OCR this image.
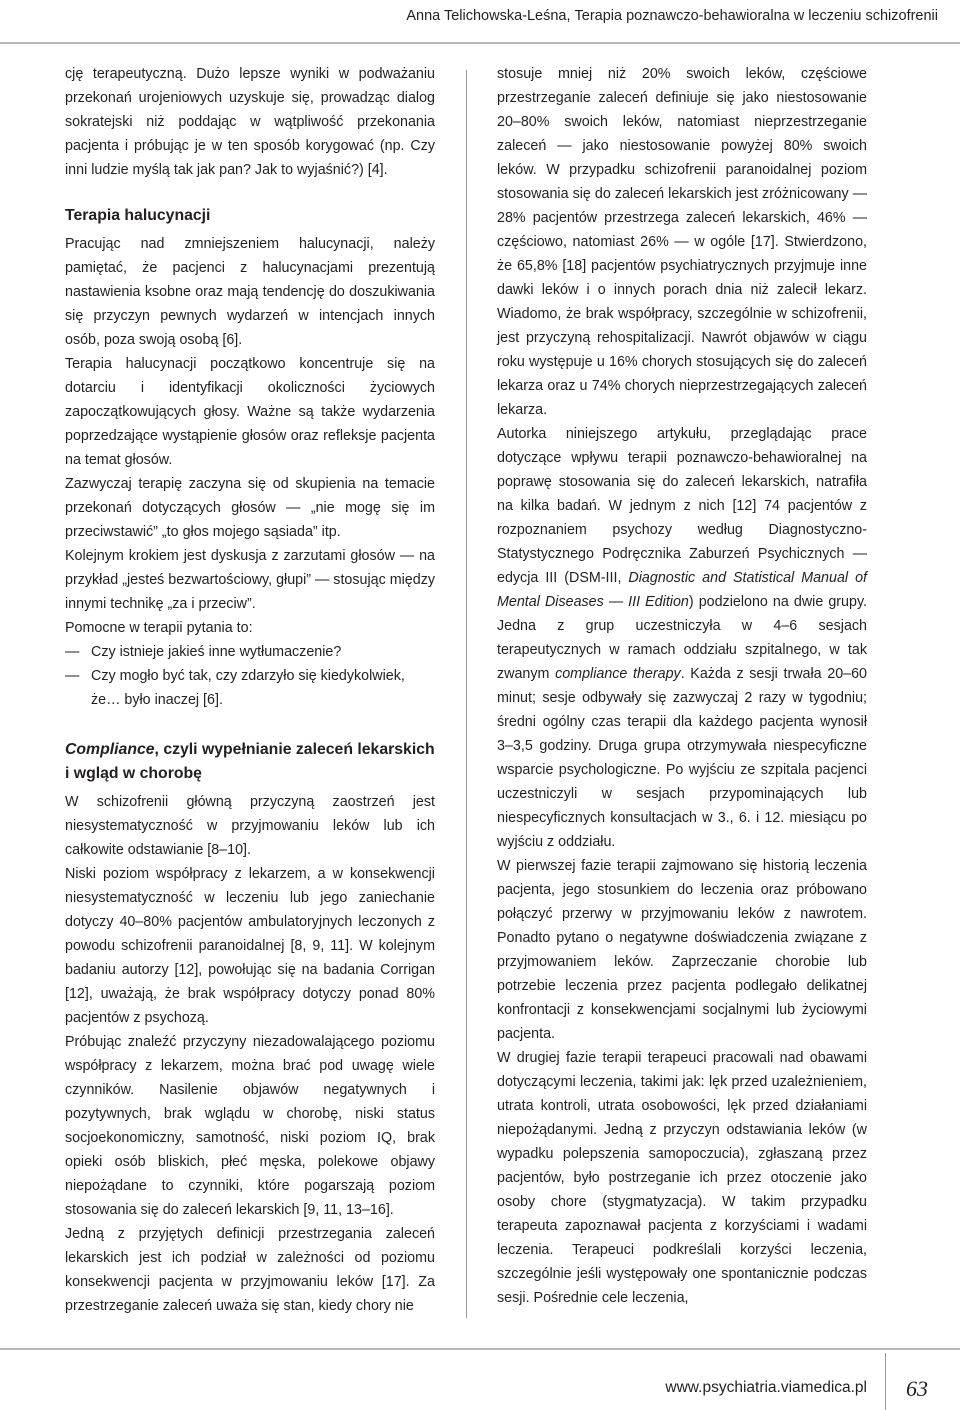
Anna Telichowska-Leśna, Terapia poznawczo-behawioralna w leczeniu schizofrenii

cję terapeutyczną. Dużo lepsze wyniki w podważaniu przekonań urojeniowych uzyskuje się, prowadząc dialog sokratejski niż poddając w wątpliwość przekonania pacjenta i próbując je w ten sposób korygować (np. Czy inni ludzie myślą tak jak pan? Jak to wyjaśnić?) [4].

Terapia halucynacji

Pracując nad zmniejszeniem halucynacji, należy pamiętać, że pacjenci z halucynacjami prezentują nastawienia ksobne oraz mają tendencję do doszukiwania się przyczyn pewnych wydarzeń w intencjach innych osób, poza swoją osobą [6].

Terapia halucynacji początkowo koncentruje się na dotarciu i identyfikacji okoliczności życiowych zapoczątkowujących głosy. Ważne są także wydarzenia poprzedzające wystąpienie głosów oraz refleksje pacjenta na temat głosów.

Zazwyczaj terapię zaczyna się od skupienia na temacie przekonań dotyczących głosów — „nie mogę się im przeciwstawić” „to głos mojego sąsiada” itp.

Kolejnym krokiem jest dyskusja z zarzutami głosów — na przykład „jesteś bezwartościowy, głupi” — stosując między innymi technikę „za i przeciw”.

Pomocne w terapii pytania to:

— Czy istnieje jakieś inne wytłumaczenie?
— Czy mogło być tak, czy zdarzyło się kiedykolwiek, że… było inaczej [6].
Compliance, czyli wypełnianie zaleceń lekarskich i wgląd w chorobę

W schizofrenii główną przyczyną zaostrzeń jest niesystematyczność w przyjmowaniu leków lub ich całkowite odstawianie [8–10].

Niski poziom współpracy z lekarzem, a w konsekwencji niesystematyczność w leczeniu lub jego zaniechanie dotyczy 40–80% pacjentów ambulatoryjnych leczonych z powodu schizofrenii paranoidalnej [8, 9, 11]. W kolejnym badaniu autorzy [12], powołując się na badania Corrigan [12], uważają, że brak współpracy dotyczy ponad 80% pacjentów z psychozą.

Próbując znaleźć przyczyny niezadowalającego poziomu współpracy z lekarzem, można brać pod uwagę wiele czynników. Nasilenie objawów negatywnych i pozytywnych, brak wglądu w chorobę, niski status socjoekonomiczny, samotność, niski poziom IQ, brak opieki osób bliskich, płeć męska, polekowe objawy niepożądane to czynniki, które pogarszają poziom stosowania się do zaleceń lekarskich [9, 11, 13–16].

Jedną z przyjętych definicji przestrzegania zaleceń lekarskich jest ich podział w zależności od poziomu konsekwencji pacjenta w przyjmowaniu leków [17]. Za przestrzeganie zaleceń uważa się stan, kiedy chory nie

stosuje mniej niż 20% swoich leków, częściowe przestrzeganie zaleceń definiuje się jako niestosowanie 20–80% swoich leków, natomiast nieprzestrzeganie zaleceń — jako niestosowanie powyżej 80% swoich leków. W przypadku schizofrenii paranoidalnej poziom stosowania się do zaleceń lekarskich jest zróżnicowany — 28% pacjentów przestrzega zaleceń lekarskich, 46% — częściowo, natomiast 26% — w ogóle [17]. Stwierdzono, że 65,8% [18] pacjentów psychiatrycznych przyjmuje inne dawki leków i o innych porach dnia niż zalecił lekarz. Wiadomo, że brak współpracy, szczególnie w schizofrenii, jest przyczyną rehospitalizacji. Nawrót objawów w ciągu roku występuje u 16% chorych stosujących się do zaleceń lekarza oraz u 74% chorych nieprzestrzegających zaleceń lekarza.

Autorka niniejszego artykułu, przeglądając prace dotyczące wpływu terapii poznawczo-behawioralnej na poprawę stosowania się do zaleceń lekarskich, natrafiła na kilka badań. W jednym z nich [12] 74 pacjentów z rozpoznaniem psychozy według Diagnostyczno-Statystycznego Podręcznika Zaburzeń Psychicznych — edycja III (DSM-III, Diagnostic and Statistical Manual of Mental Diseases — III Edition) podzielono na dwie grupy. Jedna z grup uczestniczyła w 4–6 sesjach terapeutycznych w ramach oddziału szpitalnego, w tak zwanym compliance therapy. Każda z sesji trwała 20–60 minut; sesje odbywały się zazwyczaj 2 razy w tygodniu; średni ogólny czas terapii dla każdego pacjenta wynosił 3–3,5 godziny. Druga grupa otrzymywała niespecyficzne wsparcie psychologiczne. Po wyjściu ze szpitala pacjenci uczestniczyli w sesjach przypominających lub niespecyficznych konsultacjach w 3., 6. i 12. miesiącu po wyjściu z oddziału.

W pierwszej fazie terapii zajmowano się historią leczenia pacjenta, jego stosunkiem do leczenia oraz próbowano połączyć przerwy w przyjmowaniu leków z nawrotem. Ponadto pytano o negatywne doświadczenia związane z przyjmowaniem leków. Zaprzeczanie chorobie lub potrzebie leczenia przez pacjenta podlegało delikatnej konfrontacji z konsekwencjami socjalnymi lub życiowymi pacjenta.

W drugiej fazie terapii terapeuci pracowali nad obawami dotyczącymi leczenia, takimi jak: lęk przed uzależnieniem, utrata kontroli, utrata osobowości, lęk przed działaniami niepożądanymi. Jedną z przyczyn odstawiania leków (w wypadku polepszenia samopoczucia), zgłaszaną przez pacjentów, było postrzeganie ich przez otoczenie jako osoby chore (stygmatyzacja). W takim przypadku terapeuta zapoznawał pacjenta z korzyściami i wadami leczenia. Terapeuci podkreślali korzyści leczenia, szczególnie jeśli występowały one spontanicznie podczas sesji. Pośrednie cele leczenia,

www.psychiatria.viamedica.pl 63
